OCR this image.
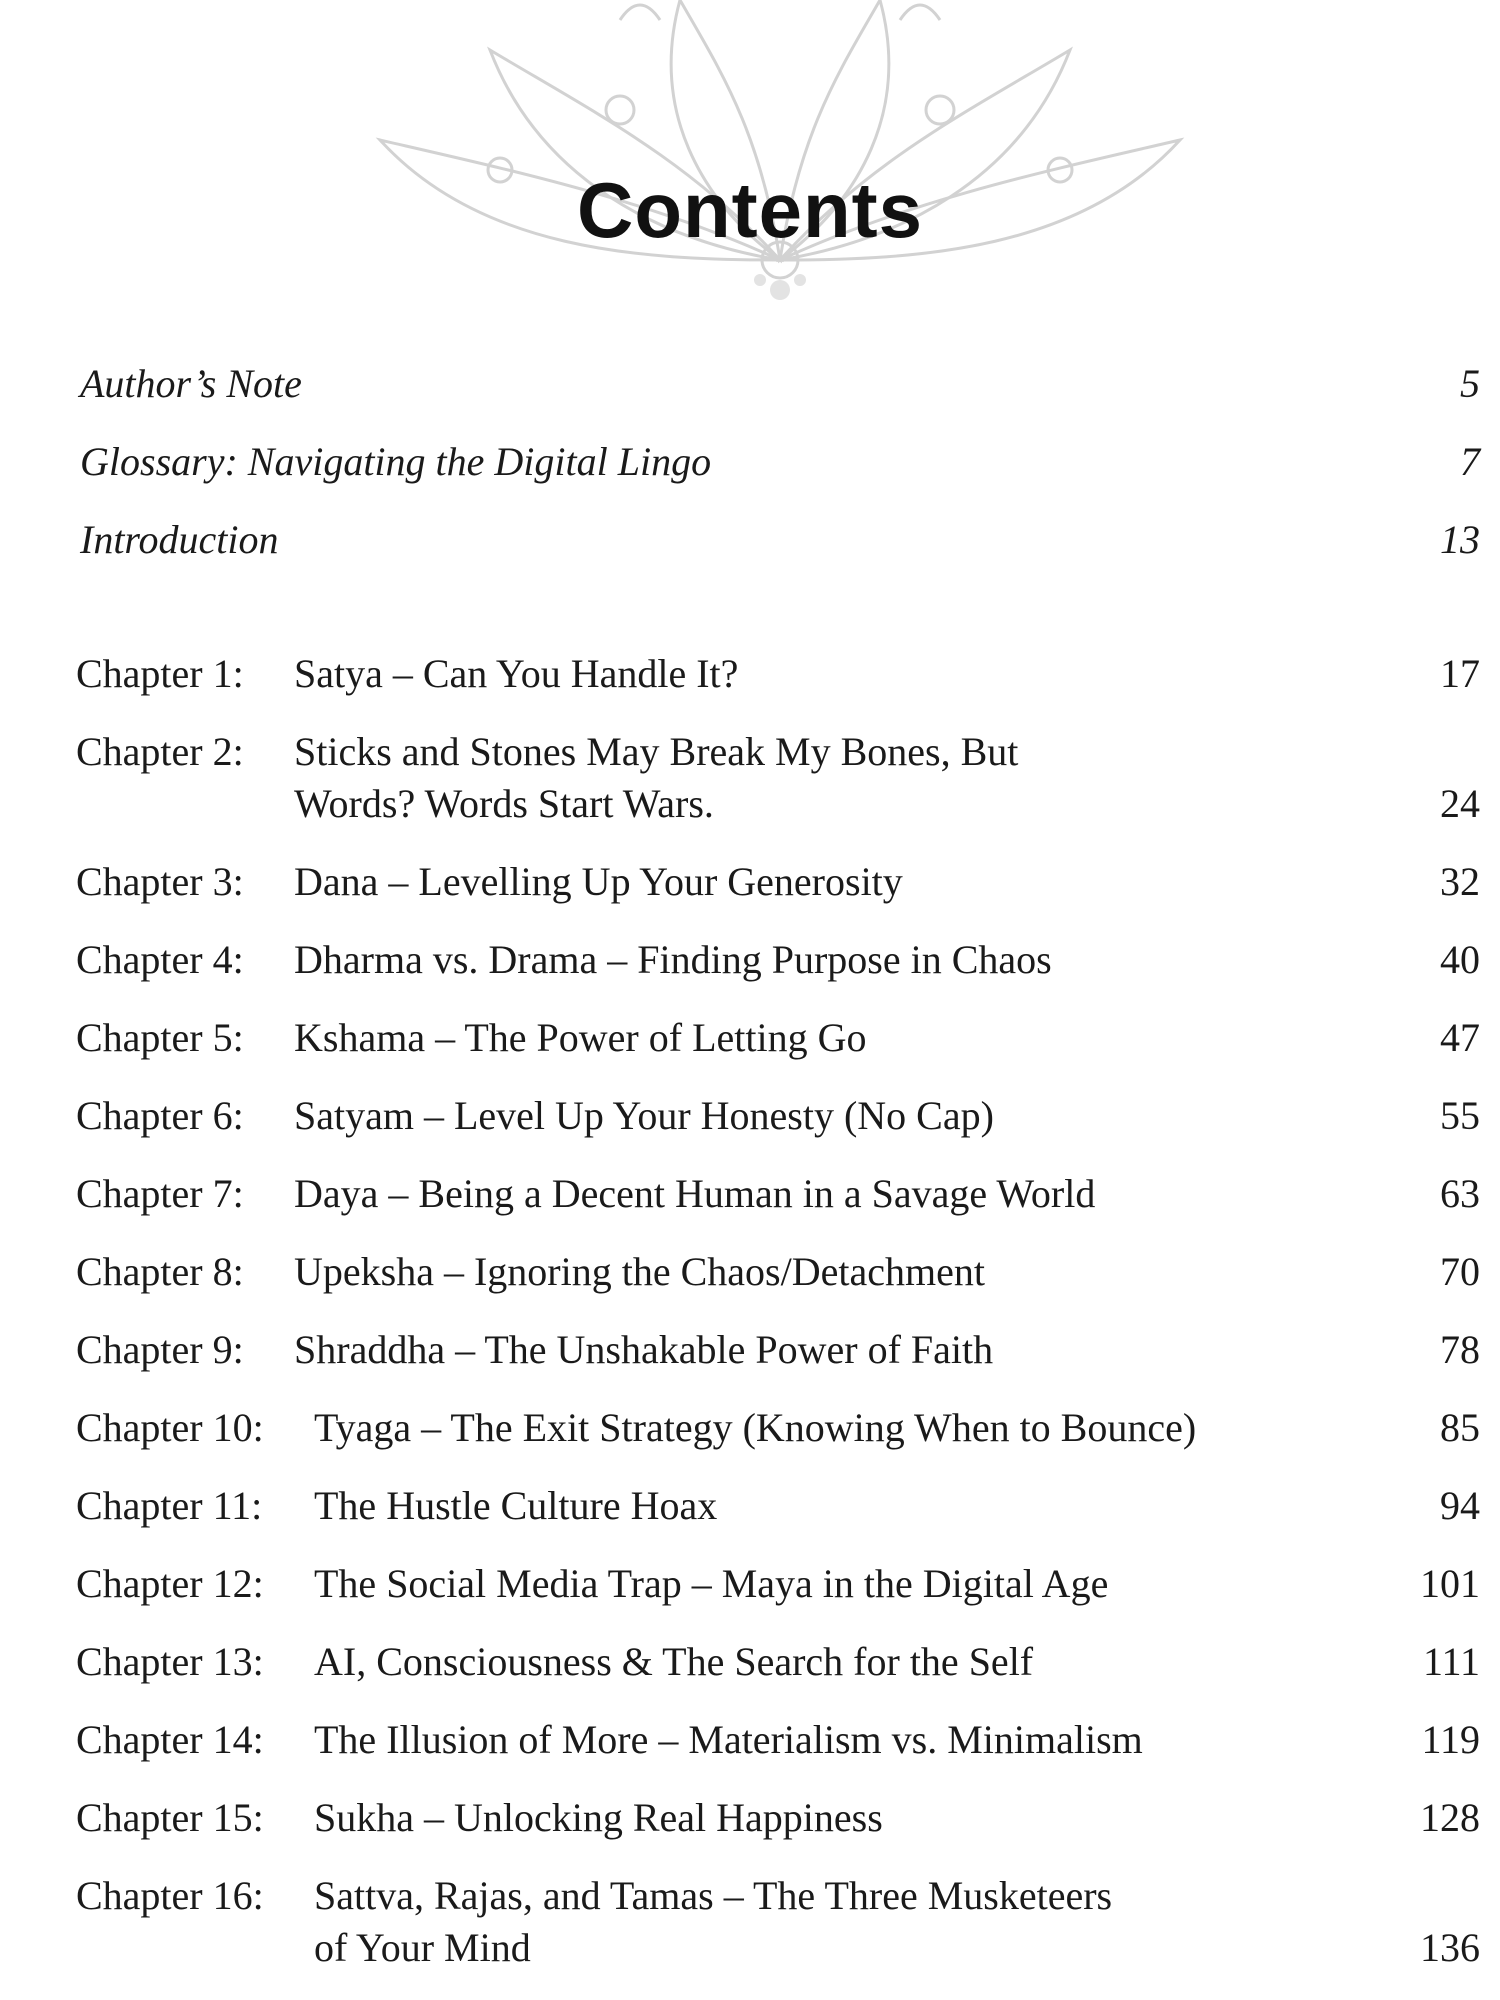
Contents
Author’s Note	5
Glossary: Navigating the Digital Lingo	7
Introduction	13
Chapter 1: Satya – Can You Handle It?	17
Chapter 2: Sticks and Stones May Break My Bones, But
Words? Words Start Wars.	24
Chapter 3: Dana – Levelling Up Your Generosity	32
Chapter 4: Dharma vs. Drama – Finding Purpose in Chaos	40
Chapter 5: Kshama – The Power of Letting Go	47
Chapter 6: Satyam – Level Up Your Honesty (No Cap)	55
Chapter 7: Daya – Being a Decent Human in a Savage World	63
Chapter 8: Upeksha – Ignoring the Chaos/Detachment	70
Chapter 9: Shraddha – The Unshakable Power of Faith	78
Chapter 10: Tyaga – The Exit Strategy (Knowing When to Bounce)	85
Chapter 11: The Hustle Culture Hoax	94
Chapter 12: The Social Media Trap – Maya in the Digital Age	101
Chapter 13: AI, Consciousness & The Search for the Self	111
Chapter 14: The Illusion of More – Materialism vs. Minimalism	119
Chapter 15: Sukha – Unlocking Real Happiness	128
Chapter 16: Sattva, Rajas, and Tamas – The Three Musketeers
of Your Mind	136
